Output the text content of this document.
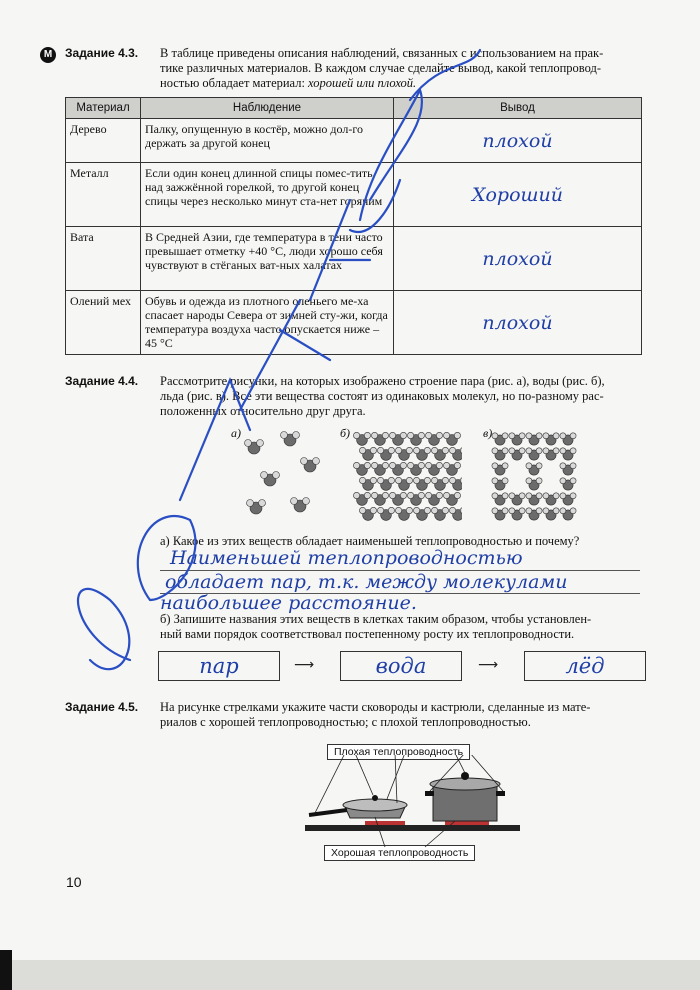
М	Задание 4.3. В таблице приведены описания наблюдений, связанных с использованием на прак-
тике различных материалов. В каждом случае сделайте вывод, какой теплопровод-
ностью обладает материал: хорошей или плохой.
Материал	Наблюдение	Вывод
Дерево	Палку, опущенную в костёр, можно дол-го держать за другой конец	плохой
Металл	Если один конец длинной спицы помес-тить над зажжённой горелкой, то другой конец спицы через несколько минут ста-нет горячим	Хороший
Вата	В Средней Азии, где температура в тени часто превышает отметку +40 °С, люди хорошо себя чувствуют в стёганых ват-ных халатах	плохой
Олений мех	Обувь и одежда из плотного оленьего ме-ха спасает народы Севера от зимней сту-жи, когда температура воздуха часто опускается ниже –45 °С	плохой
Задание 4.4. Рассмотрите рисунки, на которых изображено строение пара (рис. а), воды (рис. б),
льда (рис. в). Все эти вещества состоят из одинаковых молекул, но по-разному рас-
положенных относительно друг друга.
а)	б)	в)
а) Какое из этих веществ обладает наименьшей теплопроводностью и почему?
Наименьшей теплопроводностью
обладает пар, т.к. между молекулами
наибольшее расстояние.
б) Запишите названия этих веществ в клетках таким образом, чтобы установлен-
ный вами порядок соответствовал постепенному росту их теплопроводности.
пар	⟶	вода	⟶	лёд
Задание 4.5. На рисунке стрелками укажите части сковороды и кастрюли, сделанные из мате-
риалов с хорошей теплопроводностью; с плохой теплопроводностью.
Плохая теплопроводность
Хорошая теплопроводность
10
